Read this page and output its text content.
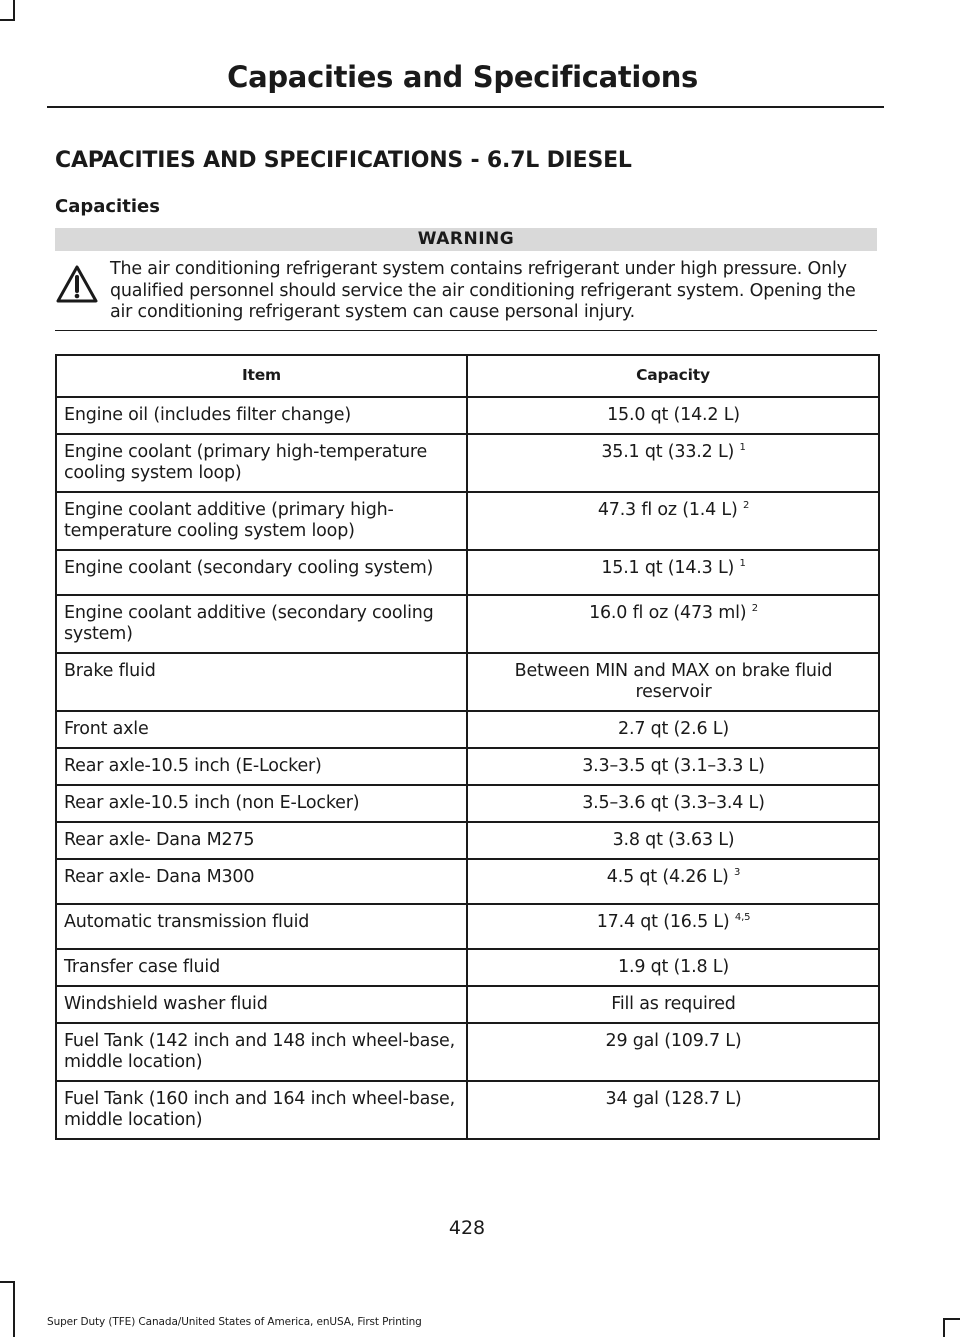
Capacities and Specifications
CAPACITIES AND SPECIFICATIONS - 6.7L DIESEL
Capacities
WARNING
The air conditioning refrigerant system contains refrigerant under high pressure. Only qualified personnel should service the air conditioning refrigerant system. Opening the air conditioning refrigerant system can cause personal injury.
Item	Capacity
Engine oil (includes filter change)	15.0 qt (14.2 L)
Engine coolant (primary high-temperature cooling system loop)	35.1 qt (33.2 L) $^1$
Engine coolant additive (primary high-temperature cooling system loop)	47.3 fl oz (1.4 L) $^2$
Engine coolant (secondary cooling system)	15.1 qt (14.3 L) $^1$
Engine coolant additive (secondary cooling system)	16.0 fl oz (473 ml) $^2$
Brake fluid	Between MIN and MAX on brake fluid reservoir
Front axle	2.7 qt (2.6 L)
Rear axle-10.5 inch (E-Locker)	3.3–3.5 qt (3.1–3.3 L)
Rear axle-10.5 inch (non E-Locker)	3.5–3.6 qt (3.3–3.4 L)
Rear axle- Dana M275	3.8 qt (3.63 L)
Rear axle- Dana M300	4.5 qt (4.26 L) $^3$
Automatic transmission fluid	17.4 qt (16.5 L) $^{4,5}$
Transfer case fluid	1.9 qt (1.8 L)
Windshield washer fluid	Fill as required
Fuel Tank (142 inch and 148 inch wheel-base, middle location)	29 gal (109.7 L)
Fuel Tank (160 inch and 164 inch wheel-base, middle location)	34 gal (128.7 L)
428
Super Duty (TFE) Canada/United States of America, enUSA, First Printing
